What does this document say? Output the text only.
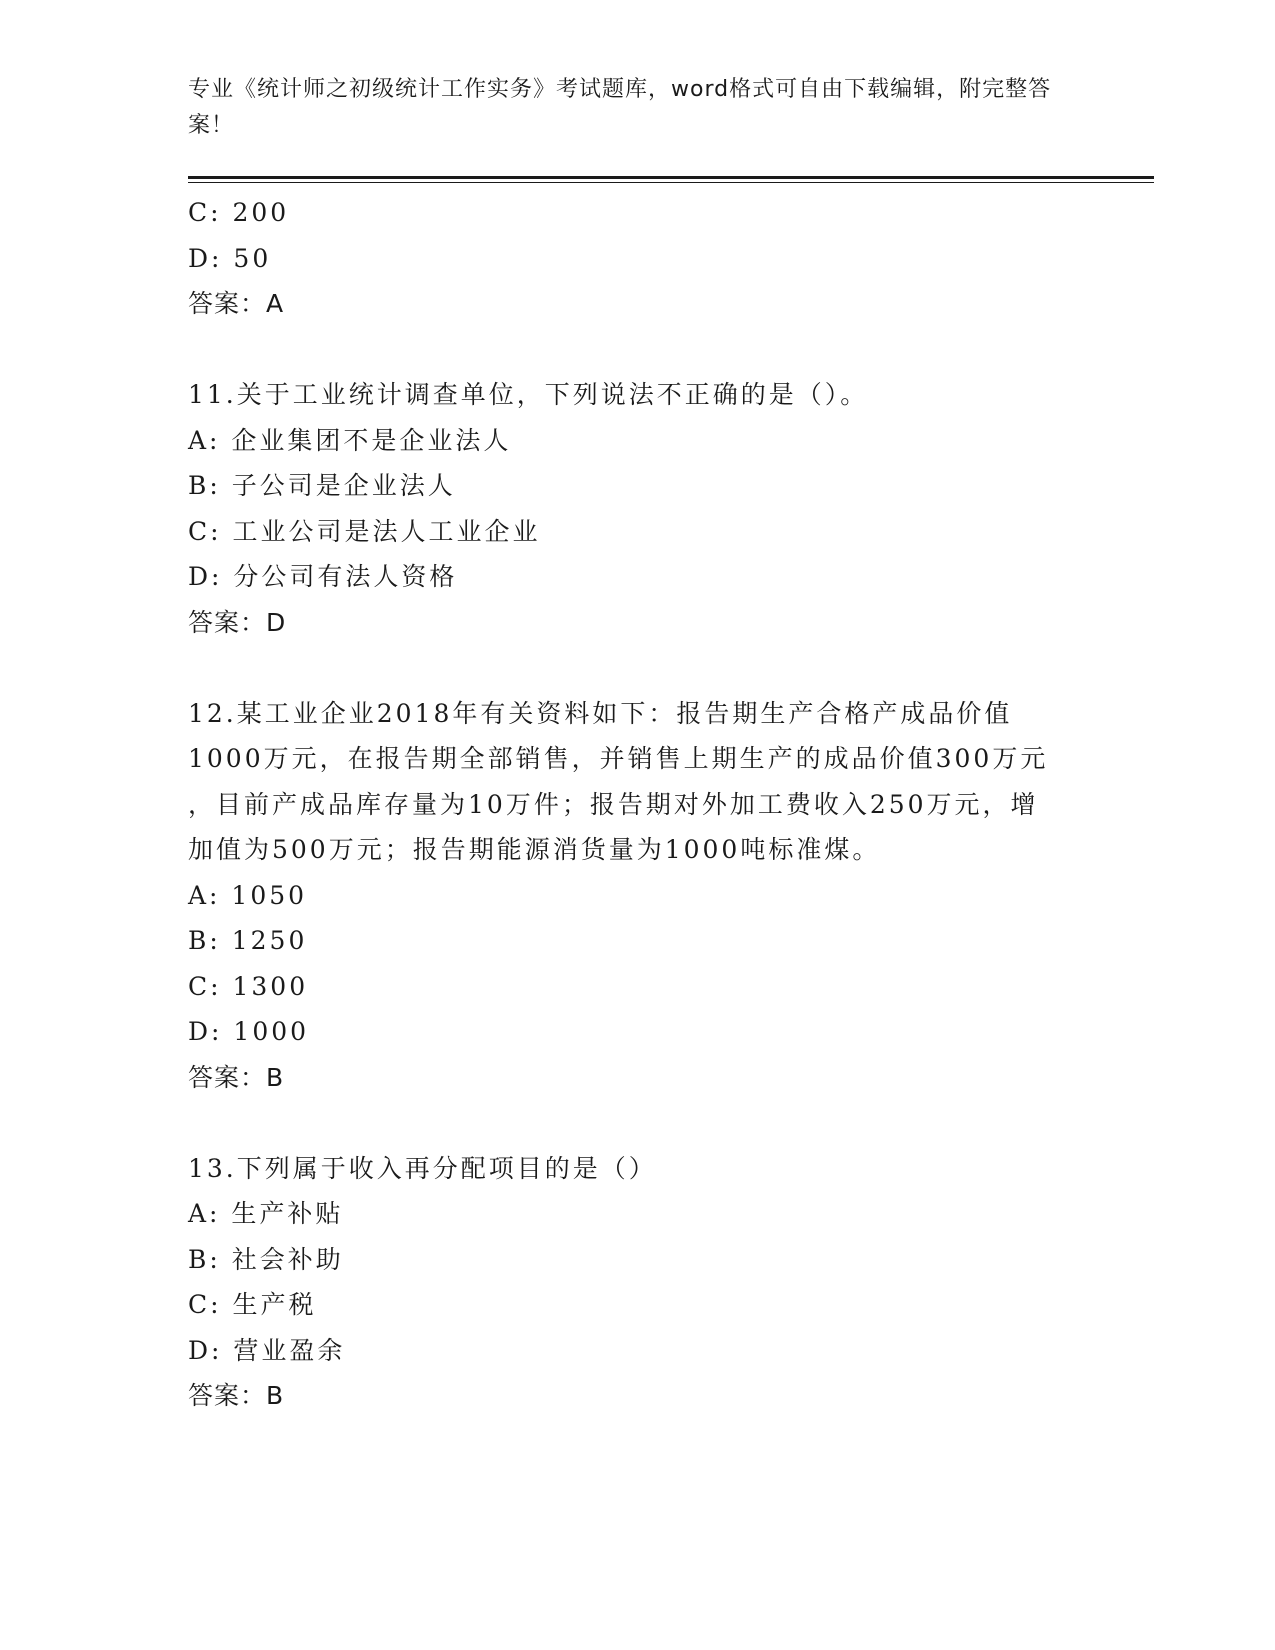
专业《统计师之初级统计工作实务》考试题库，word格式可自由下载编辑，附完整答案！
C: 200
D: 50
答案：A
11.关于工业统计调查单位，下列说法不正确的是（）。
A: 企业集团不是企业法人
B: 子公司是企业法人
C: 工业公司是法人工业企业
D: 分公司有法人资格
答案：D
12.某工业企业2018年有关资料如下：报告期生产合格产成品价值
1000万元，在报告期全部销售，并销售上期生产的成品价值300万元
，目前产成品库存量为10万件；报告期对外加工费收入250万元，增
加值为500万元；报告期能源消货量为1000吨标准煤。
A: 1050
B: 1250
C: 1300
D: 1000
答案：B
13.下列属于收入再分配项目的是（）
A: 生产补贴
B: 社会补助
C: 生产税
D: 营业盈余
答案：B
